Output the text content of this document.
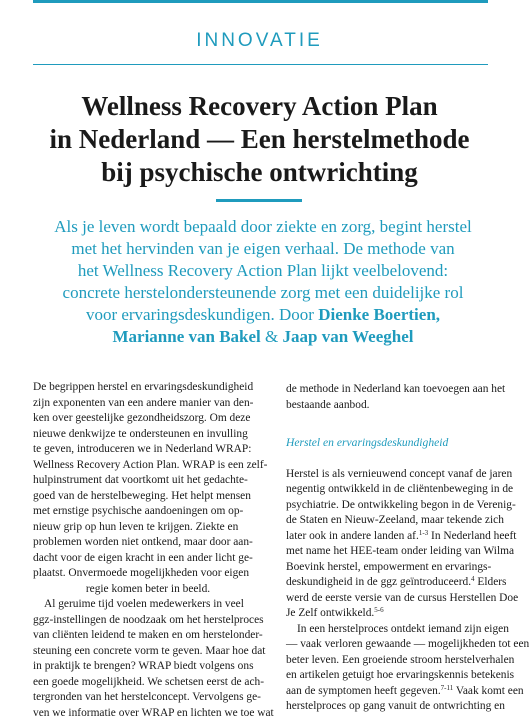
INNOVATIE
Wellness Recovery Action Plan
in Nederland — Een herstelmethode
bij psychische ontwrichting
Als je leven wordt bepaald door ziekte en zorg, begint herstel
met het hervinden van je eigen verhaal. De methode van
het Wellness Recovery Action Plan lijkt veelbelovend:
concrete herstelondersteunende zorg met een duidelijke rol
voor ervaringsdeskundigen. Door Dienke Boertien,
Marianne van Bakel & Jaap van Weeghel
De begrippen herstel en ervaringsdeskundigheid
zijn exponenten van een andere manier van den-
ken over geestelijke gezondheidszorg. Om deze
nieuwe denkwijze te ondersteunen en invulling
te geven, introduceren we in Nederland WRAP:
Wellness Recovery Action Plan. WRAP is een zelf-
hulpinstrument dat voortkomt uit het gedachte-
goed van de herstelbeweging. Het helpt mensen
met ernstige psychische aandoeningen om op-
nieuw grip op hun leven te krijgen. Ziekte en
problemen worden niet ontkend, maar door aan-
dacht voor de eigen kracht in een ander licht ge-
plaatst. Onvermoede mogelijkheden voor eigen
regie komen beter in beeld.
Al geruime tijd voelen medewerkers in veel
ggz-instellingen de noodzaak om het herstelproces
van cliënten leidend te maken en om herstelonder-
steuning een concrete vorm te geven. Maar hoe dat
in praktijk te brengen? WRAP biedt volgens ons
een goede mogelijkheid. We schetsen eerst de ach-
tergronden van het herstelconcept. Vervolgens ge-
ven we informatie over WRAP en lichten we toe wat
de methode in Nederland kan toevoegen aan het
bestaande aanbod.
Herstel en ervaringsdeskundigheid
Herstel is als vernieuwend concept vanaf de jaren
negentig ontwikkeld in de cliëntenbeweging in de
psychiatrie. De ontwikkeling begon in de Verenig-
de Staten en Nieuw-Zeeland, maar tekende zich
later ook in andere landen af.$^{1-3}$ In Nederland heeft
met name het HEE-team onder leiding van Wilma
Boevink herstel, empowerment en ervarings-
deskundigheid in de ggz geïntroduceerd.$^4$ Elders
werd de eerste versie van de cursus Herstellen Doe
Je Zelf ontwikkeld.$^{5-6}$
In een herstelproces ontdekt iemand zijn eigen
— vaak verloren gewaande — mogelijkheden tot een
beter leven. Een groeiende stroom herstelverhalen
en artikelen getuigt hoe ervaringskennis betekenis
aan de symptomen heeft gegeven.$^{7-11}$ Vaak komt een
herstelproces op gang vanuit de ontwrichting en
